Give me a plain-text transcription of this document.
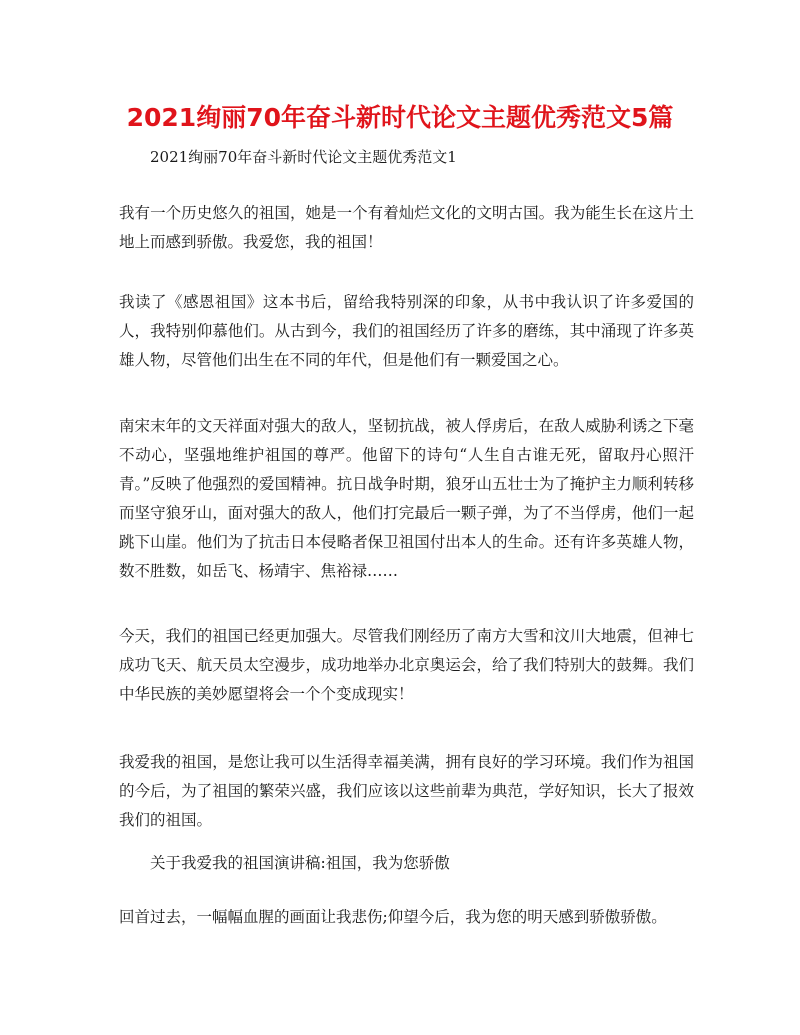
2021绚丽70年奋斗新时代论文主题优秀范文5篇
2021绚丽70年奋斗新时代论文主题优秀范文1
我有一个历史悠久的祖国，她是一个有着灿烂文化的文明古国。我为能生长在这片土地上而感到骄傲。我爱您，我的祖国！
我读了《感恩祖国》这本书后，留给我特别深的印象，从书中我认识了许多爱国的人，我特别仰慕他们。从古到今，我们的祖国经历了许多的磨练，其中涌现了许多英雄人物，尽管他们出生在不同的年代，但是他们有一颗爱国之心。
南宋末年的文天祥面对强大的敌人，坚韧抗战，被人俘虏后，在敌人威胁利诱之下毫不动心，坚强地维护祖国的尊严。他留下的诗句“人生自古谁无死，留取丹心照汗青。”反映了他强烈的爱国精神。抗日战争时期，狼牙山五壮士为了掩护主力顺利转移而坚守狼牙山，面对强大的敌人，他们打完最后一颗子弹，为了不当俘虏，他们一起跳下山崖。他们为了抗击日本侵略者保卫祖国付出本人的生命。还有许多英雄人物，数不胜数，如岳飞、杨靖宇、焦裕禄……
今天，我们的祖国已经更加强大。尽管我们刚经历了南方大雪和汶川大地震，但神七成功飞天、航天员太空漫步，成功地举办北京奥运会，给了我们特别大的鼓舞。我们中华民族的美妙愿望将会一个个变成现实！
我爱我的祖国，是您让我可以生活得幸福美满，拥有良好的学习环境。我们作为祖国的今后，为了祖国的繁荣兴盛，我们应该以这些前辈为典范，学好知识，长大了报效我们的祖国。
关于我爱我的祖国演讲稿:祖国，我为您骄傲
回首过去，一幅幅血腥的画面让我悲伤;仰望今后，我为您的明天感到骄傲骄傲。
